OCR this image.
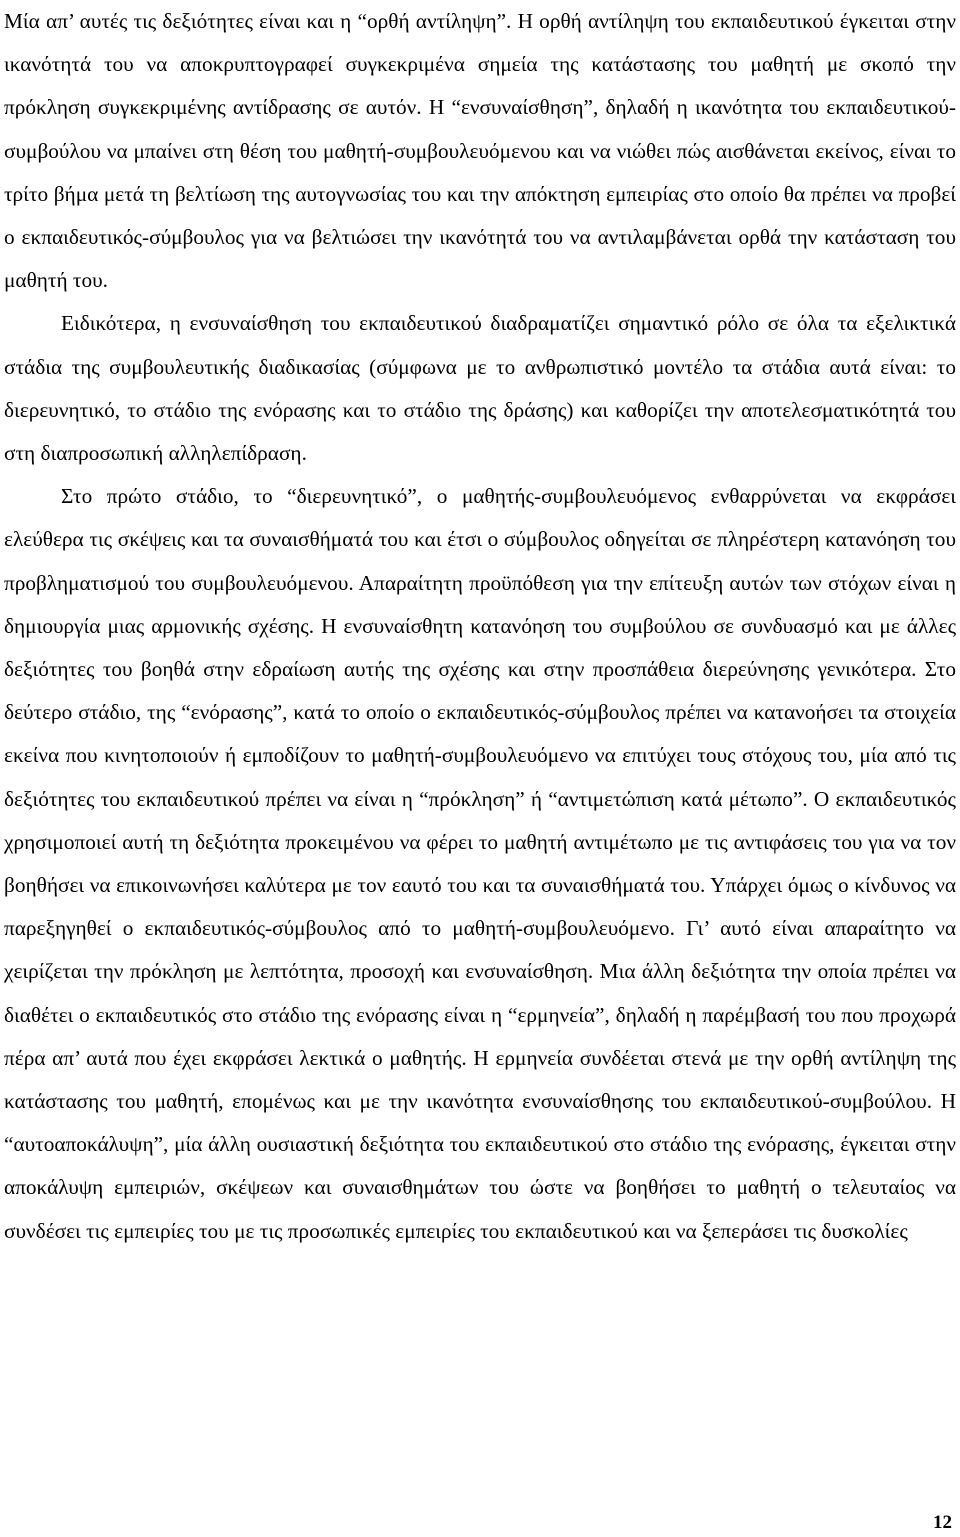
Μία απ’ αυτές τις δεξιότητες είναι και η “ορθή αντίληψη”. Η ορθή αντίληψη του εκπαιδευτικού έγκειται στην ικανότητά του να αποκρυπτογραφεί συγκεκριμένα σημεία της κατάστασης του μαθητή με σκοπό την πρόκληση συγκεκριμένης αντίδρασης σε αυτόν. Η “ενσυναίσθηση”, δηλαδή η ικανότητα του εκπαιδευτικού-συμβούλου να μπαίνει στη θέση του μαθητή-συμβουλευόμενου και να νιώθει πώς αισθάνεται εκείνος, είναι το τρίτο βήμα μετά τη βελτίωση της αυτογνωσίας του και την απόκτηση εμπειρίας στο οποίο θα πρέπει να προβεί ο εκπαιδευτικός-σύμβουλος για να βελτιώσει την ικανότητά του να αντιλαμβάνεται ορθά την κατάσταση του μαθητή του.

Ειδικότερα, η ενσυναίσθηση του εκπαιδευτικού διαδραματίζει σημαντικό ρόλο σε όλα τα εξελικτικά στάδια της συμβουλευτικής διαδικασίας (σύμφωνα με το ανθρωπιστικό μοντέλο τα στάδια αυτά είναι: το διερευνητικό, το στάδιο της ενόρασης και το στάδιο της δράσης) και καθορίζει την αποτελεσματικότητά του στη διαπροσωπική αλληλεπίδραση.

Στο πρώτο στάδιο, το “διερευνητικό”, ο μαθητής-συμβουλευόμενος ενθαρρύνεται να εκφράσει ελεύθερα τις σκέψεις και τα συναισθήματά του και έτσι ο σύμβουλος οδηγείται σε πληρέστερη κατανόηση του προβληματισμού του συμβουλευόμενου. Απαραίτητη προϋπόθεση για την επίτευξη αυτών των στόχων είναι η δημιουργία μιας αρμονικής σχέσης. Η ενσυναίσθητη κατανόηση του συμβούλου σε συνδυασμό και με άλλες δεξιότητες του βοηθά στην εδραίωση αυτής της σχέσης και στην προσπάθεια διερεύνησης γενικότερα. Στο δεύτερο στάδιο, της “ενόρασης”, κατά το οποίο ο εκπαιδευτικός-σύμβουλος πρέπει να κατανοήσει τα στοιχεία εκείνα που κινητοποιούν ή εμποδίζουν το μαθητή-συμβουλευόμενο να επιτύχει τους στόχους του, μία από τις δεξιότητες του εκπαιδευτικού πρέπει να είναι η “πρόκληση” ή “αντιμετώπιση κατά μέτωπο”. Ο εκπαιδευτικός χρησιμοποιεί αυτή τη δεξιότητα προκειμένου να φέρει το μαθητή αντιμέτωπο με τις αντιφάσεις του για να τον βοηθήσει να επικοινωνήσει καλύτερα με τον εαυτό του και τα συναισθήματά του. Υπάρχει όμως ο κίνδυνος να παρεξηγηθεί ο εκπαιδευτικός-σύμβουλος από το μαθητή-συμβουλευόμενο. Γι’ αυτό είναι απαραίτητο να χειρίζεται την πρόκληση με λεπτότητα, προσοχή και ενσυναίσθηση. Μια άλλη δεξιότητα την οποία πρέπει να διαθέτει ο εκπαιδευτικός στο στάδιο της ενόρασης είναι η “ερμηνεία”, δηλαδή η παρέμβασή του που προχωρά πέρα απ’ αυτά που έχει εκφράσει λεκτικά ο μαθητής. Η ερμηνεία συνδέεται στενά με την ορθή αντίληψη της κατάστασης του μαθητή, επομένως και με την ικανότητα ενσυναίσθησης του εκπαιδευτικού-συμβούλου. Η “αυτοαποκάλυψη”, μία άλλη ουσιαστική δεξιότητα του εκπαιδευτικού στο στάδιο της ενόρασης, έγκειται στην αποκάλυψη εμπειριών, σκέψεων και συναισθημάτων του ώστε να βοηθήσει το μαθητή ο τελευταίος να συνδέσει τις εμπειρίες του με τις προσωπικές εμπειρίες του εκπαιδευτικού και να ξεπεράσει τις δυσκολίες

12
